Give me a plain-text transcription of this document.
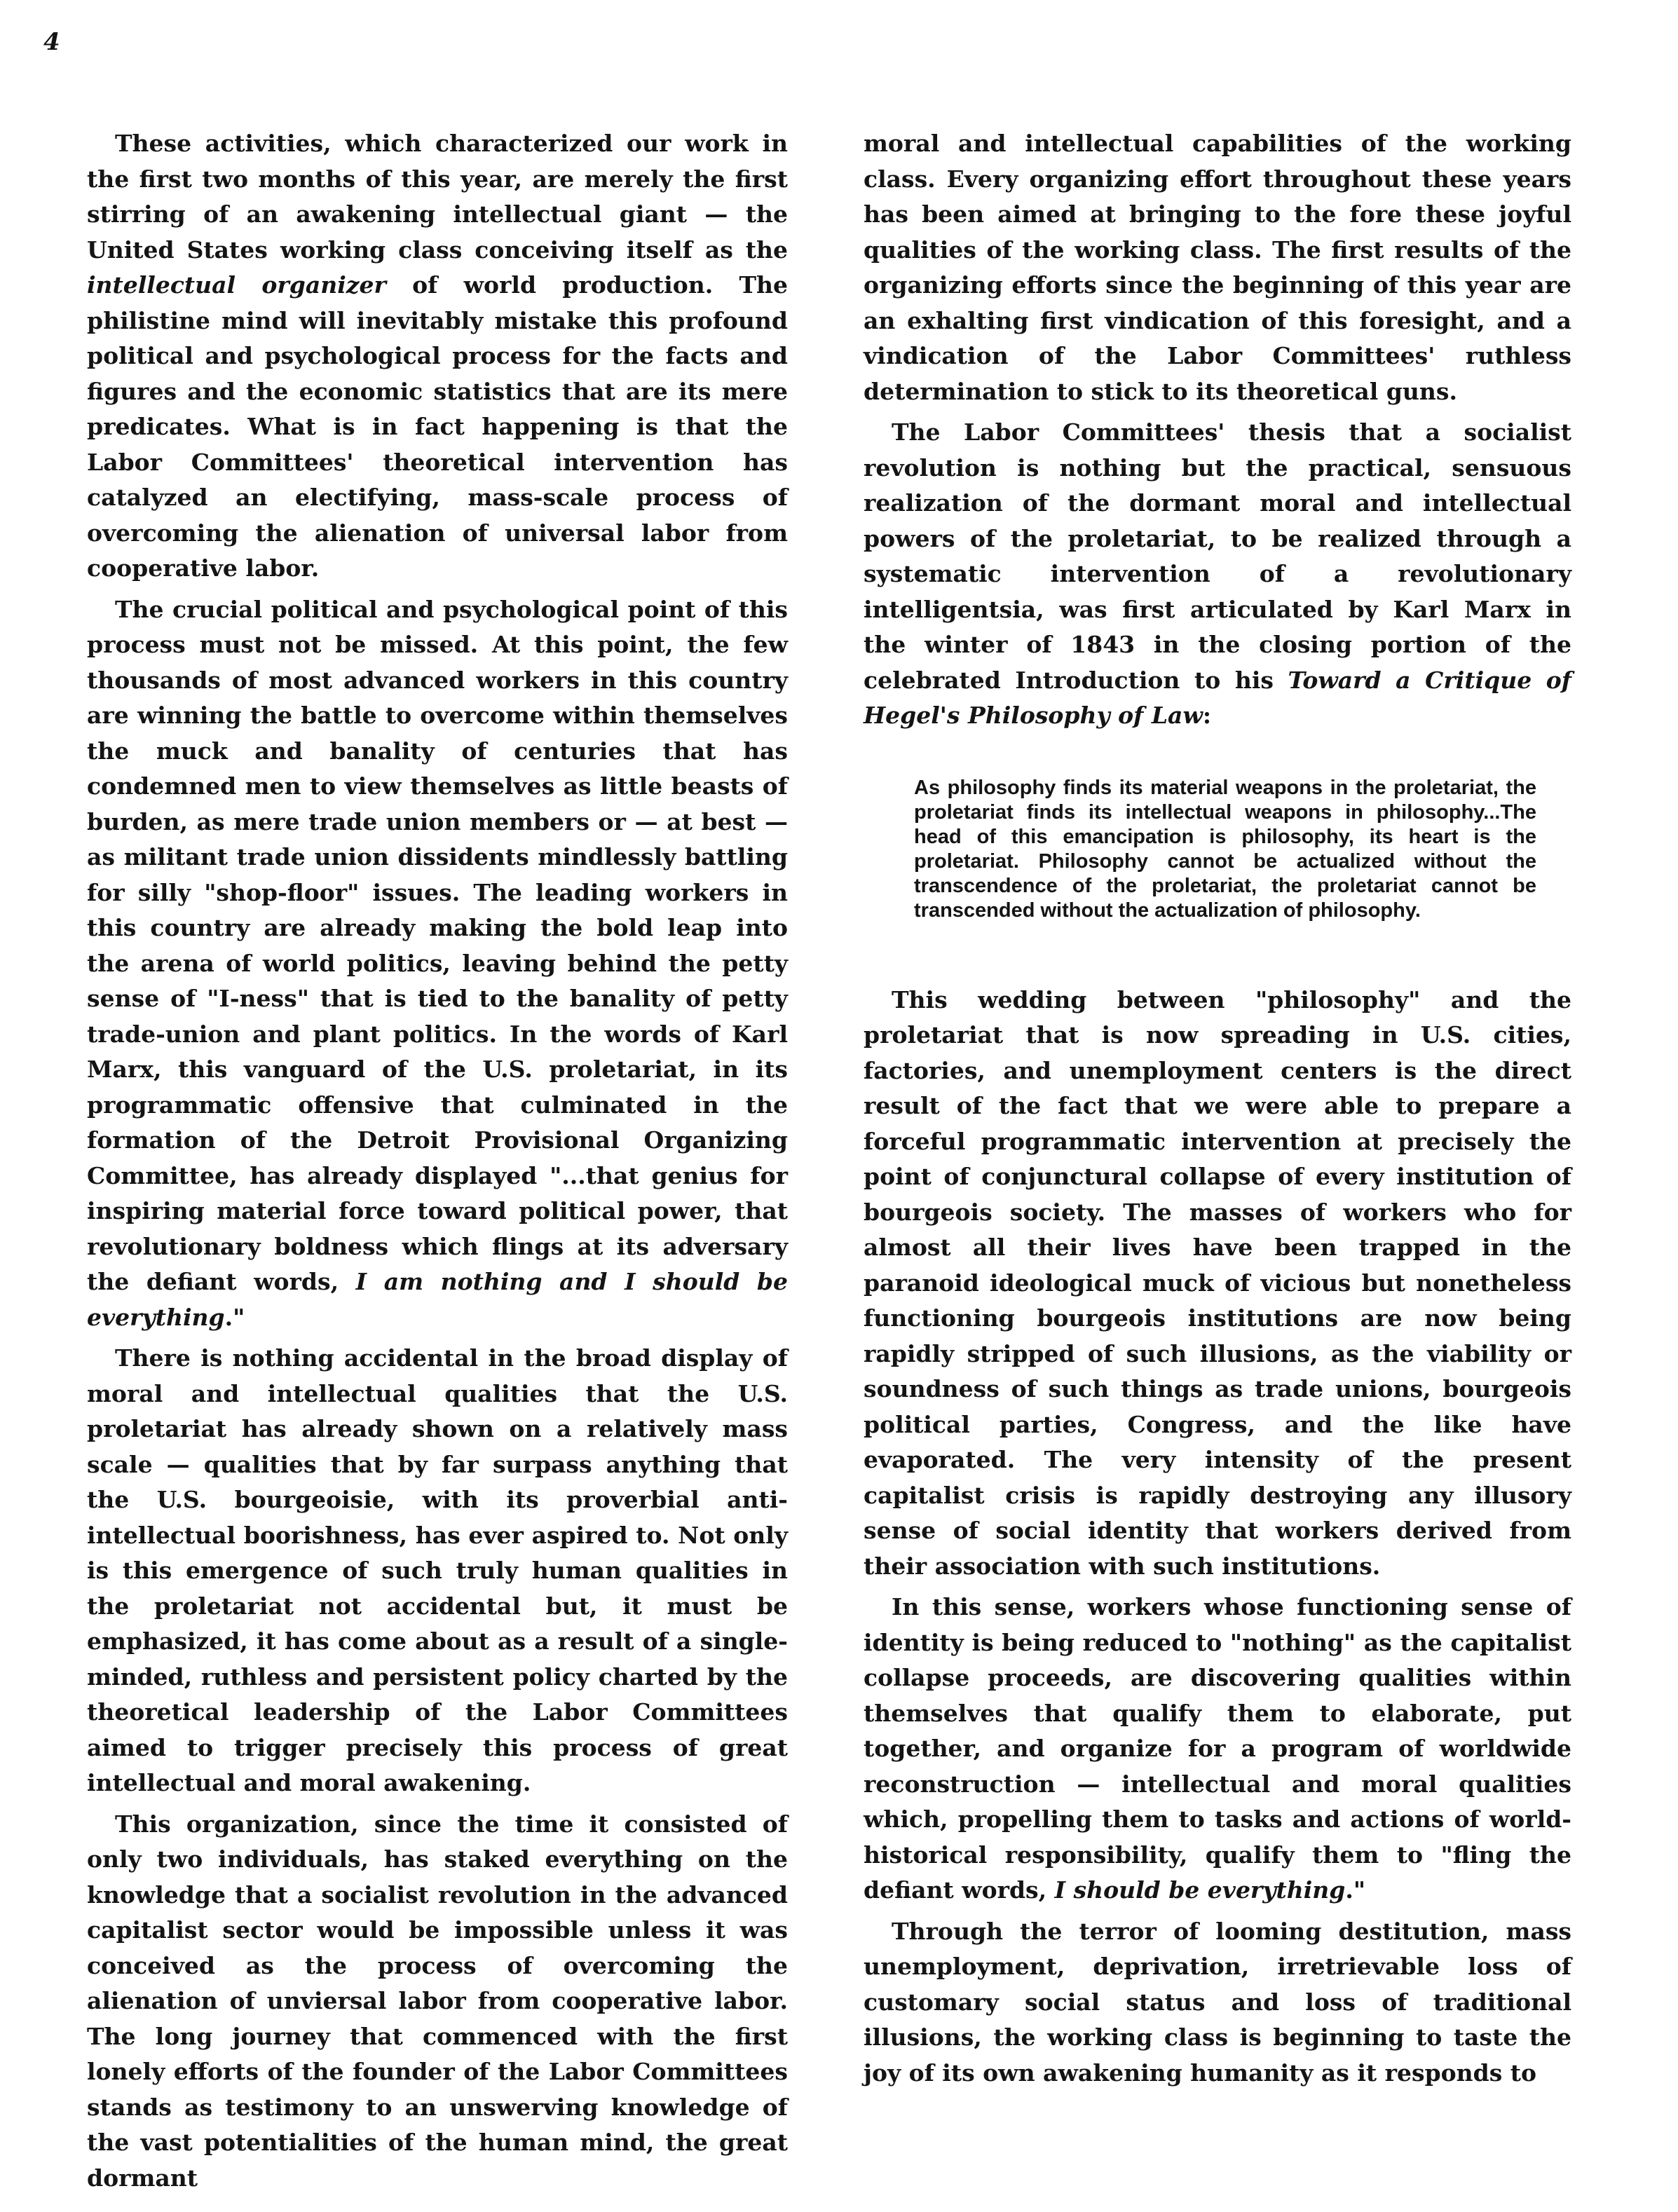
4

These activities, which characterized our work in the first two months of this year, are merely the first stirring of an awakening intellectual giant — the United States working class conceiving itself as the intellectual organizer of world production. The philistine mind will inevitably mistake this profound political and psychological process for the facts and figures and the economic statistics that are its mere predicates. What is in fact happening is that the Labor Committees' theoretical intervention has catalyzed an electifying, mass-scale process of overcoming the alienation of universal labor from cooperative labor.

The crucial political and psychological point of this process must not be missed. At this point, the few thousands of most advanced workers in this country are winning the battle to overcome within themselves the muck and banality of centuries that has condemned men to view themselves as little beasts of burden, as mere trade union members or — at best — as militant trade union dissidents mindlessly battling for silly "shop-floor" issues. The leading workers in this country are already making the bold leap into the arena of world politics, leaving behind the petty sense of "I-ness" that is tied to the banality of petty trade-union and plant politics. In the words of Karl Marx, this vanguard of the U.S. proletariat, in its programmatic offensive that culminated in the formation of the Detroit Provisional Organizing Committee, has already displayed "...that genius for inspiring material force toward political power, that revolutionary boldness which flings at its adversary the defiant words, I am nothing and I should be everything."

There is nothing accidental in the broad display of moral and intellectual qualities that the U.S. proletariat has already shown on a relatively mass scale — qualities that by far surpass anything that the U.S. bourgeoisie, with its proverbial anti-intellectual boorishness, has ever aspired to. Not only is this emergence of such truly human qualities in the proletariat not accidental but, it must be emphasized, it has come about as a result of a single-minded, ruthless and persistent policy charted by the theoretical leadership of the Labor Committees aimed to trigger precisely this process of great intellectual and moral awakening.

This organization, since the time it consisted of only two individuals, has staked everything on the knowledge that a socialist revolution in the advanced capitalist sector would be impossible unless it was conceived as the process of overcoming the alienation of unviersal labor from cooperative labor. The long journey that commenced with the first lonely efforts of the founder of the Labor Committees stands as testimony to an unswerving knowledge of the vast potentialities of the human mind, the great dormant

moral and intellectual capabilities of the working class. Every organizing effort throughout these years has been aimed at bringing to the fore these joyful qualities of the working class. The first results of the organizing efforts since the beginning of this year are an exhalting first vindication of this foresight, and a vindication of the Labor Committees' ruthless determination to stick to its theoretical guns.

The Labor Committees' thesis that a socialist revolution is nothing but the practical, sensuous realization of the dormant moral and intellectual powers of the proletariat, to be realized through a systematic intervention of a revolutionary intelligentsia, was first articulated by Karl Marx in the winter of 1843 in the closing portion of the celebrated Introduction to his Toward a Critique of Hegel's Philosophy of Law:

As philosophy finds its material weapons in the proletariat, the proletariat finds its intellectual weapons in philosophy...The head of this emancipation is philosophy, its heart is the proletariat. Philosophy cannot be actualized without the transcendence of the proletariat, the proletariat cannot be transcended without the actualization of philosophy.

This wedding between "philosophy" and the proletariat that is now spreading in U.S. cities, factories, and unemployment centers is the direct result of the fact that we were able to prepare a forceful programmatic intervention at precisely the point of conjunctural collapse of every institution of bourgeois society. The masses of workers who for almost all their lives have been trapped in the paranoid ideological muck of vicious but nonetheless functioning bourgeois institutions are now being rapidly stripped of such illusions, as the viability or soundness of such things as trade unions, bourgeois political parties, Congress, and the like have evaporated. The very intensity of the present capitalist crisis is rapidly destroying any illusory sense of social identity that workers derived from their association with such institutions.

In this sense, workers whose functioning sense of identity is being reduced to "nothing" as the capitalist collapse proceeds, are discovering qualities within themselves that qualify them to elaborate, put together, and organize for a program of worldwide reconstruction — intellectual and moral qualities which, propelling them to tasks and actions of world-historical responsibility, qualify them to "fling the defiant words, I should be everything."

Through the terror of looming destitution, mass unemployment, deprivation, irretrievable loss of customary social status and loss of traditional illusions, the working class is beginning to taste the joy of its own awakening humanity as it responds to
